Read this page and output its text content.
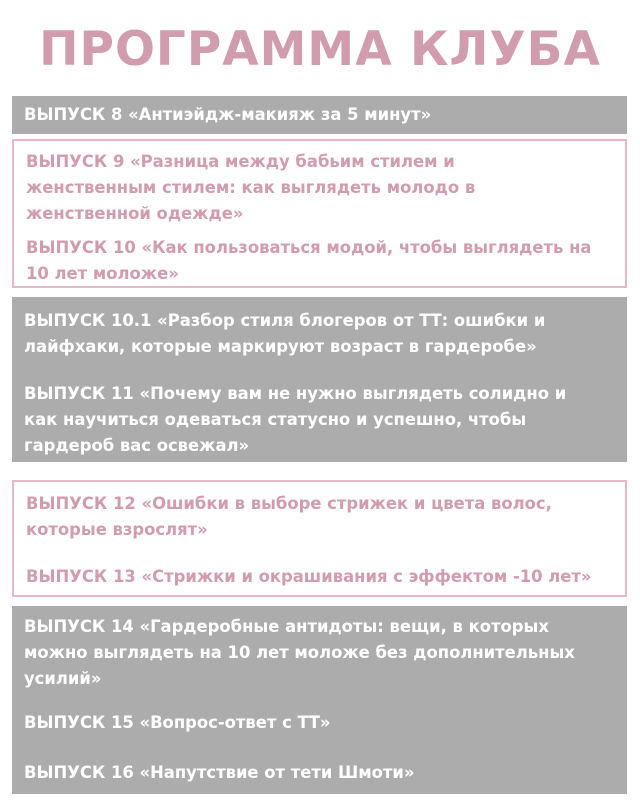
ПРОГРАММА КЛУБА

ВЫПУСК 8 «Антиэйдж-макияж за 5 минут»

ВЫПУСК 9 «Разница между бабьим стилем и
женственным стилем: как выглядеть молодо в
женственной одежде»

ВЫПУСК 10 «Как пользоваться модой, чтобы выглядеть на
10 лет моложе»

ВЫПУСК 10.1 «Разбор стиля блогеров от ТТ: ошибки и
лайфхаки, которые маркируют возраст в гардеробе»

ВЫПУСК 11 «Почему вам не нужно выглядеть солидно и
как научиться одеваться статусно и успешно, чтобы
гардероб вас освежал»

ВЫПУСК 12 «Ошибки в выборе стрижек и цвета волос,
которые взрослят»

ВЫПУСК 13 «Стрижки и окрашивания с эффектом -10 лет»

ВЫПУСК 14 «Гардеробные антидоты: вещи, в которых
можно выглядеть на 10 лет моложе без дополнительных
усилий»

ВЫПУСК 15 «Вопрос-ответ с ТТ»

ВЫПУСК 16 «Напутствие от тети Шмоти»
